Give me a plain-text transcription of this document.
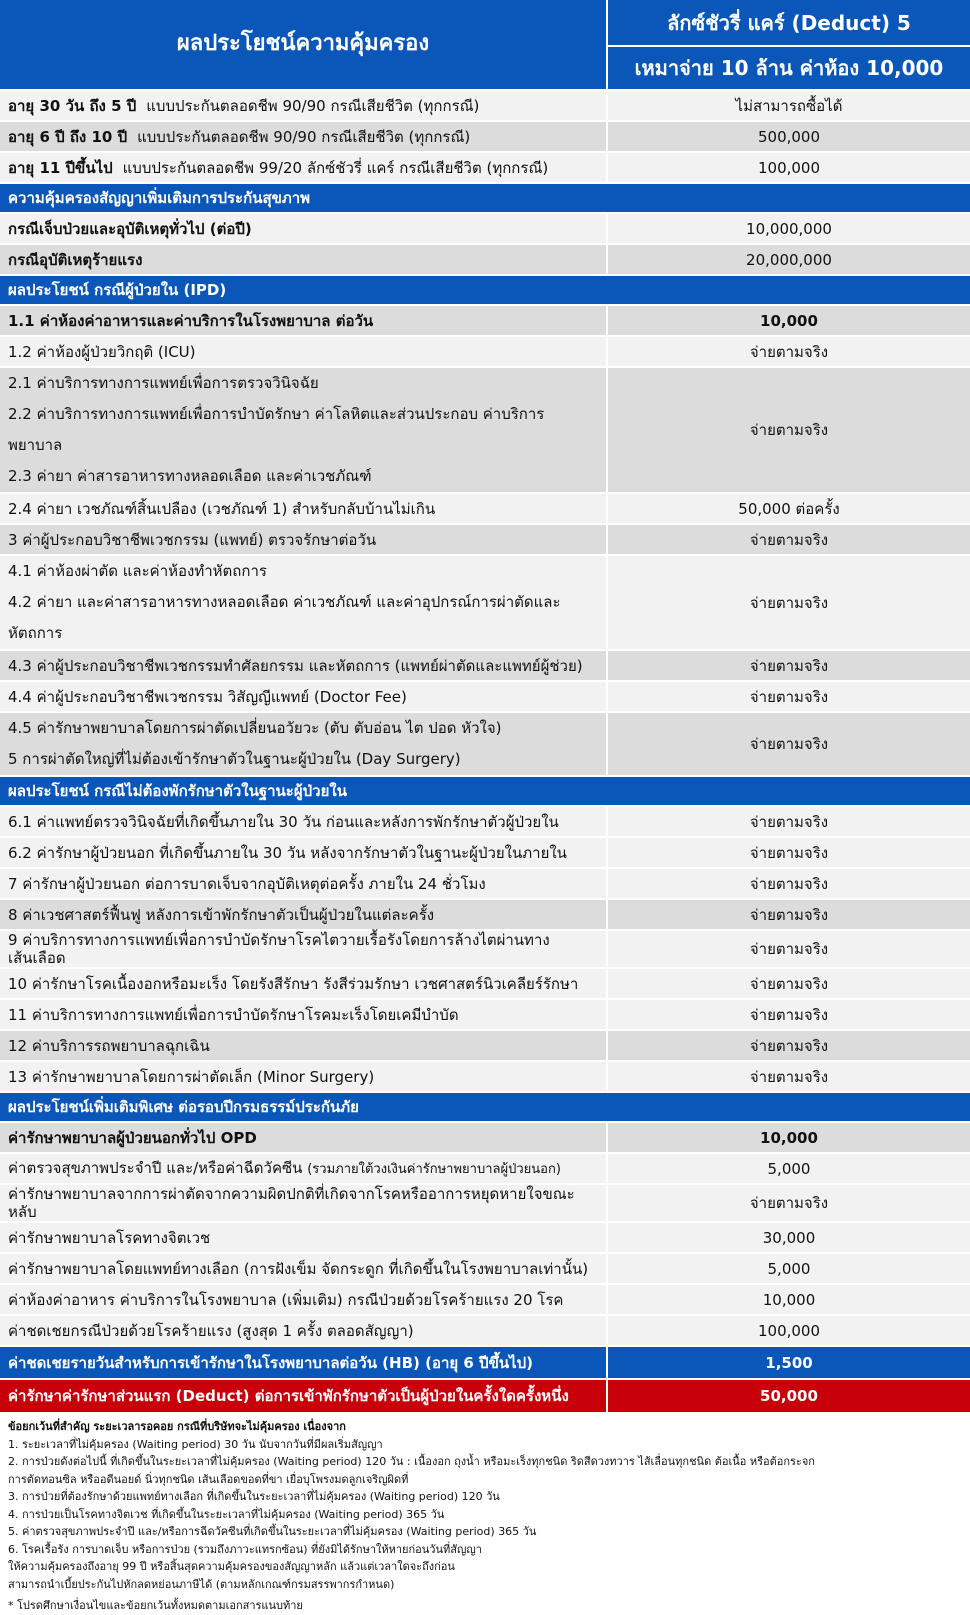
ผลประโยชน์ความคุ้มครอง	ลักซ์ชัวรี่ แคร์ (Deduct) 5
	เหมาจ่าย 10 ล้าน ค่าห้อง 10,000
อายุ 30 วัน ถึง 5 ปี แบบประกันตลอดชีพ 90/90 กรณีเสียชีวิต (ทุกกรณี)	ไม่สามารถซื้อได้
อายุ 6 ปี ถึง 10 ปี แบบประกันตลอดชีพ 90/90 กรณีเสียชีวิต (ทุกกรณี)	500,000
อายุ 11 ปีขึ้นไป แบบประกันตลอดชีพ 99/20 ลักซ์ชัวรี่ แคร์ กรณีเสียชีวิต (ทุกกรณี)	100,000
ความคุ้มครองสัญญาเพิ่มเติมการประกันสุขภาพ	
กรณีเจ็บป่วยและอุบัติเหตุทั่วไป (ต่อปี)	10,000,000
กรณีอุบัติเหตุร้ายแรง	20,000,000
ผลประโยชน์ กรณีผู้ป่วยใน (IPD)	
1.1 ค่าห้องค่าอาหารและค่าบริการในโรงพยาบาล ต่อวัน	10,000
1.2 ค่าห้องผู้ป่วยวิกฤติ (ICU)	จ่ายตามจริง

2.1 ค่าบริการทางการแพทย์เพื่อการตรวจวินิจฉัย
2.2 ค่าบริการทางการแพทย์เพื่อการบำบัดรักษา ค่าโลหิตและส่วนประกอบ ค่าบริการพยาบาล
2.3 ค่ายา ค่าสารอาหารทางหลอดเลือด และค่าเวชภัณฑ์	จ่ายตามจริง
2.4 ค่ายา เวชภัณฑ์สิ้นเปลือง (เวชภัณฑ์ 1) สำหรับกลับบ้านไม่เกิน	50,000 ต่อครั้ง
3 ค่าผู้ประกอบวิชาชีพเวชกรรม (แพทย์) ตรวจรักษาต่อวัน	จ่ายตามจริง

4.1 ค่าห้องผ่าตัด และค่าห้องทำหัตถการ
4.2 ค่ายา และค่าสารอาหารทางหลอดเลือด ค่าเวชภัณฑ์ และค่าอุปกรณ์การผ่าตัดและหัตถการ	จ่ายตามจริง
4.3 ค่าผู้ประกอบวิชาชีพเวชกรรมทำศัลยกรรม และหัตถการ (แพทย์ผ่าตัดและแพทย์ผู้ช่วย)	จ่ายตามจริง
4.4 ค่าผู้ประกอบวิชาชีพเวชกรรม วิสัญญีแพทย์ (Doctor Fee)	จ่ายตามจริง

4.5 ค่ารักษาพยาบาลโดยการผ่าตัดเปลี่ยนอวัยวะ (ตับ ตับอ่อน ไต ปอด หัวใจ)
5 การผ่าตัดใหญ่ที่ไม่ต้องเข้ารักษาตัวในฐานะผู้ป่วยใน (Day Surgery)	จ่ายตามจริง
ผลประโยชน์ กรณีไม่ต้องพักรักษาตัวในฐานะผู้ป่วยใน	
6.1 ค่าแพทย์ตรวจวินิจฉัยที่เกิดขึ้นภายใน 30 วัน ก่อนและหลังการพักรักษาตัวผู้ป่วยใน	จ่ายตามจริง
6.2 ค่ารักษาผู้ป่วยนอก ที่เกิดขึ้นภายใน 30 วัน หลังจากรักษาตัวในฐานะผู้ป่วยในภายใน	จ่ายตามจริง
7 ค่ารักษาผู้ป่วยนอก ต่อการบาดเจ็บจากอุบัติเหตุต่อครั้ง ภายใน 24 ชั่วโมง	จ่ายตามจริง
8 ค่าเวชศาสตร์ฟื้นฟู หลังการเข้าพักรักษาตัวเป็นผู้ป่วยในแต่ละครั้ง	จ่ายตามจริง
9 ค่าบริการทางการแพทย์เพื่อการบำบัดรักษาโรคไตวายเรื้อรังโดยการล้างไตผ่านทางเส้นเลือด	จ่ายตามจริง
10 ค่ารักษาโรคเนื้องอกหรือมะเร็ง โดยรังสีรักษา รังสีร่วมรักษา เวชศาสตร์นิวเคลียร์รักษา	จ่ายตามจริง
11 ค่าบริการทางการแพทย์เพื่อการบำบัดรักษาโรคมะเร็งโดยเคมีบำบัด	จ่ายตามจริง
12 ค่าบริการรถพยาบาลฉุกเฉิน	จ่ายตามจริง
13 ค่ารักษาพยาบาลโดยการผ่าตัดเล็ก (Minor Surgery)	จ่ายตามจริง
ผลประโยชน์เพิ่มเติมพิเศษ ต่อรอบปีกรมธรรม์ประกันภัย	
ค่ารักษาพยาบาลผู้ป่วยนอกทั่วไป OPD	10,000
ค่าตรวจสุขภาพประจำปี และ/หรือค่าฉีดวัคซีน (รวมภายใต้วงเงินค่ารักษาพยาบาลผู้ป่วยนอก)	5,000
ค่ารักษาพยาบาลจากการผ่าตัดจากความผิดปกติที่เกิดจากโรคหรืออาการหยุดหายใจขณะหลับ	จ่ายตามจริง
ค่ารักษาพยาบาลโรคทางจิตเวช	30,000
ค่ารักษาพยาบาลโดยแพทย์ทางเลือก (การฝังเข็ม จัดกระดูก ที่เกิดขึ้นในโรงพยาบาลเท่านั้น)	5,000
ค่าห้องค่าอาหาร ค่าบริการในโรงพยาบาล (เพิ่มเติม) กรณีป่วยด้วยโรคร้ายแรง 20 โรค	10,000
ค่าชดเชยกรณีป่วยด้วยโรคร้ายแรง (สูงสุด 1 ครั้ง ตลอดสัญญา)	100,000
ค่าชดเชยรายวันสำหรับการเข้ารักษาในโรงพยาบาลต่อวัน (HB) (อายุ 6 ปีขึ้นไป)	1,500
ค่ารักษาค่ารักษาส่วนแรก (Deduct) ต่อการเข้าพักรักษาตัวเป็นผู้ป่วยในครั้งใดครั้งหนึ่ง	50,000
ข้อยกเว้นที่สำคัญ ระยะเวลารอคอย กรณีที่บริษัทจะไม่คุ้มครอง เนื่องจาก
1. ระยะเวลาที่ไม่คุ้มครอง (Waiting period) 30 วัน นับจากวันที่มีผลเริ่มสัญญา
2. การป่วยดังต่อไปนี้ ที่เกิดขึ้นในระยะเวลาที่ไม่คุ้มครอง (Waiting period) 120 วัน : เนื้องอก ถุงน้ำ หรือมะเร็งทุกชนิด ริดสีดวงทวาร ไส้เลื่อนทุกชนิด ต้อเนื้อ หรือต้อกระจก
การตัดทอนซิล หรืออดีนอยด์ นิ่วทุกชนิด เส้นเลือดขอดที่ขา เยื่อบุโพรงมดลูกเจริญผิดที่
3. การป่วยที่ต้องรักษาด้วยแพทย์ทางเลือก ที่เกิดขึ้นในระยะเวลาที่ไม่คุ้มครอง (Waiting period) 120 วัน
4. การป่วยเป็นโรคทางจิตเวช ที่เกิดขึ้นในระยะเวลาที่ไม่คุ้มครอง (Waiting period) 365 วัน
5. ค่าตรวจสุขภาพประจำปี และ/หรือการฉีดวัคซีนที่เกิดขึ้นในระยะเวลาที่ไม่คุ้มครอง (Waiting period) 365 วัน
6. โรคเรื้อรัง การบาดเจ็บ หรือการป่วย (รวมถึงภาวะแทรกซ้อน) ที่ยังมิได้รักษาให้หายก่อนวันที่สัญญา
ให้ความคุ้มครองถึงอายุ 99 ปี หรือสิ้นสุดความคุ้มครองของสัญญาหลัก แล้วแต่เวลาใดจะถึงก่อน
สามารถนำเบี้ยประกันไปหักลดหย่อนภาษีได้ (ตามหลักเกณฑ์กรมสรรพากรกำหนด)
* โปรดศึกษาเงื่อนไขและข้อยกเว้นทั้งหมดตามเอกสารแนบท้าย
